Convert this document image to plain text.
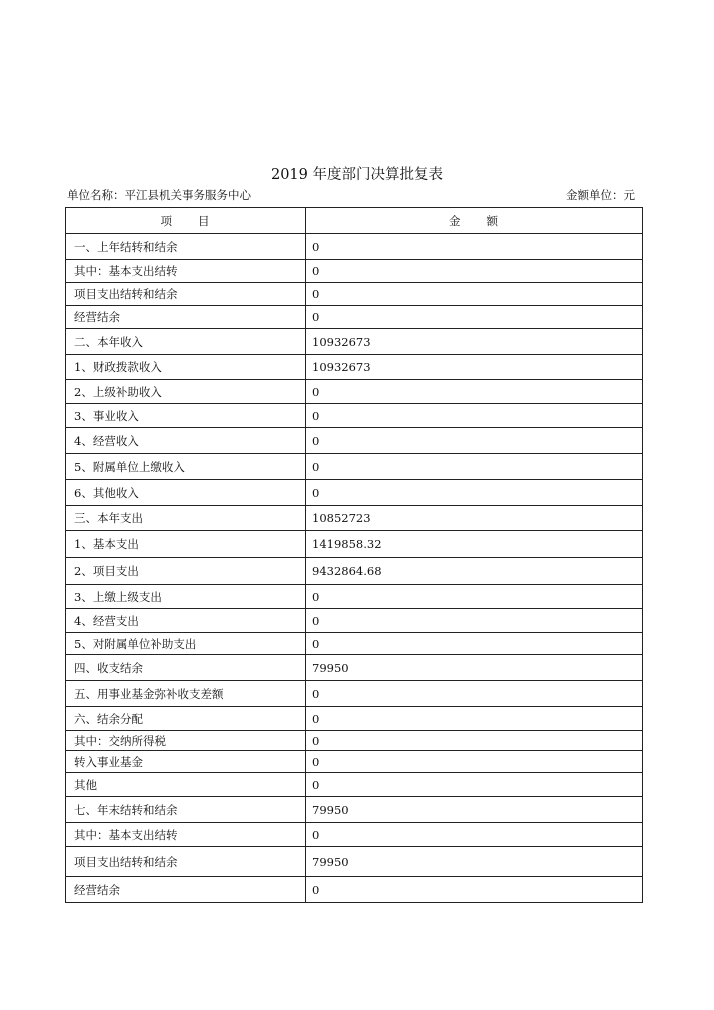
2019 年度部门决算批复表
单位名称：平江县机关事务服务中心	金额单位：元
项　　目	金　　额
一、上年结转和结余	0
其中：基本支出结转	0
项目支出结转和结余	0
经营结余	0
二、本年收入	10932673
1、财政拨款收入	10932673
2、上级补助收入	0
3、事业收入	0
4、经营收入	0
5、附属单位上缴收入	0
6、其他收入	0
三、本年支出	10852723
1、基本支出	1419858.32
2、项目支出	9432864.68
3、上缴上级支出	0
4、经营支出	0
5、对附属单位补助支出	0
四、收支结余	79950
五、用事业基金弥补收支差额	0
六、结余分配	0
其中：交纳所得税	0
转入事业基金	0
其他	0
七、年末结转和结余	79950
其中：基本支出结转	0
项目支出结转和结余	79950
经营结余	0
